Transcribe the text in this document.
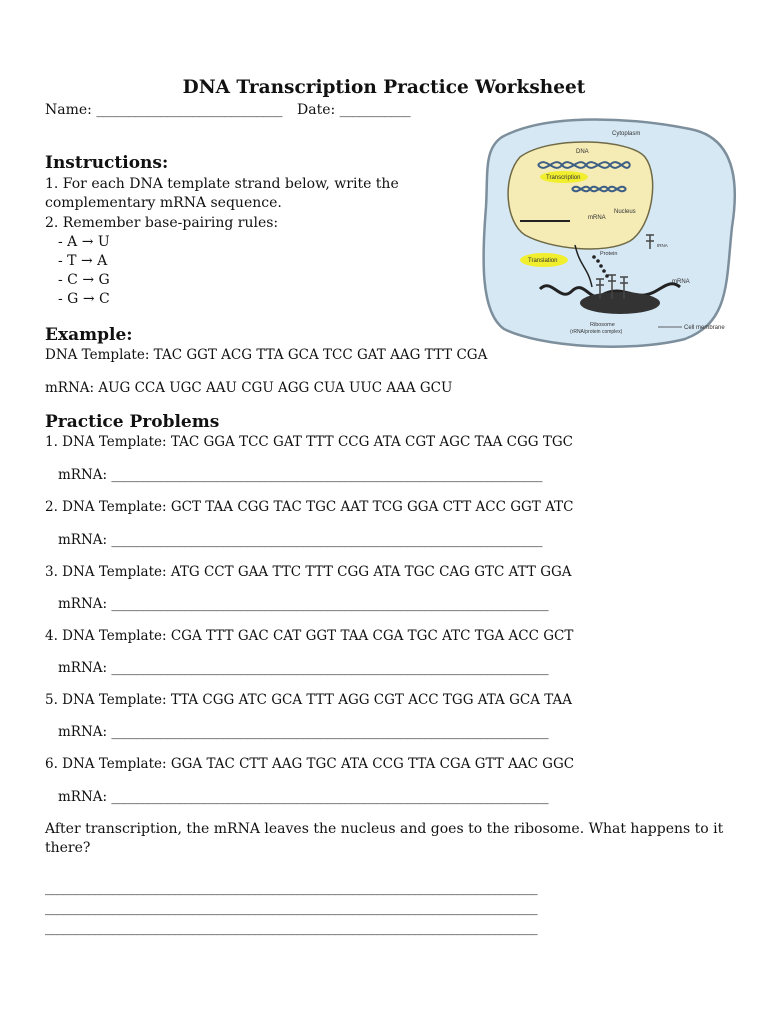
DNA Transcription Practice Worksheet
Name: _____________________________ Date: ___________
Instructions:
1. For each DNA template strand below, write the
complementary mRNA sequence.
2. Remember base-pairing rules:
- A → U
- T → A
- C → G
- G → C
Example:
DNA Template: TAC GGT ACG TTA GCA TCC GAT AAG TTT CGA
mRNA: AUG CCA UGC AAU CGU AGG CUA UUC AAA GCU
Practice Problems
1. DNA Template: TAC GGA TCC GAT TTT CCG ATA CGT AGC TAA CGG TGC
mRNA: ______________________________________________________________________
2. DNA Template: GCT TAA CGG TAC TGC AAT TCG GGA CTT ACC GGT ATC
mRNA: ______________________________________________________________________
3. DNA Template: ATG CCT GAA TTC TTT CGG ATA TGC CAG GTC ATT GGA
mRNA: _______________________________________________________________________
4. DNA Template: CGA TTT GAC CAT GGT TAA CGA TGC ATC TGA ACC GCT
mRNA: _______________________________________________________________________
5. DNA Template: TTA CGG ATC GCA TTT AGG CGT ACC TGG ATA GCA TAA
mRNA: _______________________________________________________________________
6. DNA Template: GGA TAC CTT AAG TGC ATA CCG TTA CGA GTT AAC GGC
mRNA: _______________________________________________________________________
After transcription, the mRNA leaves the nucleus and goes to the ribosome. What happens to it
there?
________________________________________________________________________________
________________________________________________________________________________
________________________________________________________________________________
Cytoplasm
DNA
Transcription
Nucleus
mRNA
Translation
Protein
tRNA
mRNA
Ribosome
(rRNA/protein complex)
Cell membrane
